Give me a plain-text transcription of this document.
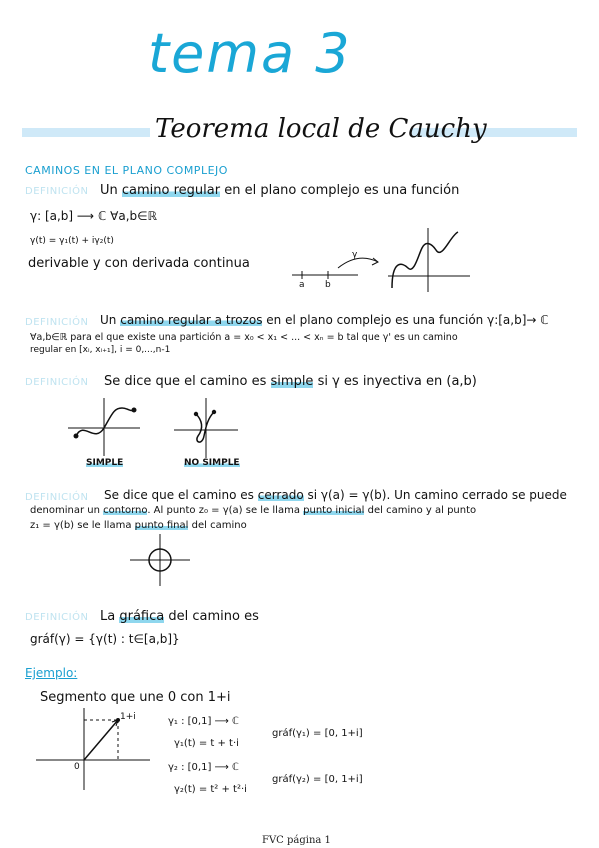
tema 3
Teorema local de Cauchy
CAMINOS EN EL PLANO COMPLEJO
DEFINICIÓN Un camino regular en el plano complejo es una función
γ: [a,b] ⟶ ℂ ∀a,b∈ℝ
γ(t) = γ₁(t) + iγ₂(t)
derivable y con derivada continua
γ
a b
DEFINICIÓN Un camino regular a trozos en el plano complejo es una función γ:[a,b]→ ℂ
∀a,b∈ℝ para el que existe una partición a = x₀ < x₁ < ... < xₙ = b tal que γ' es un camino
regular en [xᵢ, xᵢ₊₁], i = 0,...,n-1
DEFINICIÓN Se dice que el camino es simple si γ es inyectiva en (a,b)
SIMPLE	NO SIMPLE
DEFINICIÓN Se dice que el camino es cerrado si γ(a) = γ(b). Un camino cerrado se puede
denominar un contorno. Al punto z₀ = γ(a) se le llama punto inicial del camino y al punto
z₁ = γ(b) se le llama punto final del camino
DEFINICIÓN La gráfica del camino es
gráf(γ) = {γ(t) : t∈[a,b]}
Ejemplo:
Segmento que une 0 con 1+i
1+i
0
γ₁ : [0,1] ⟶ ℂ
γ₁(t) = t + t·i
gráf(γ₁) = [0, 1+i]
γ₂ : [0,1] ⟶ ℂ
γ₂(t) = t² + t²·i
gráf(γ₂) = [0, 1+i]
FVC página 1
